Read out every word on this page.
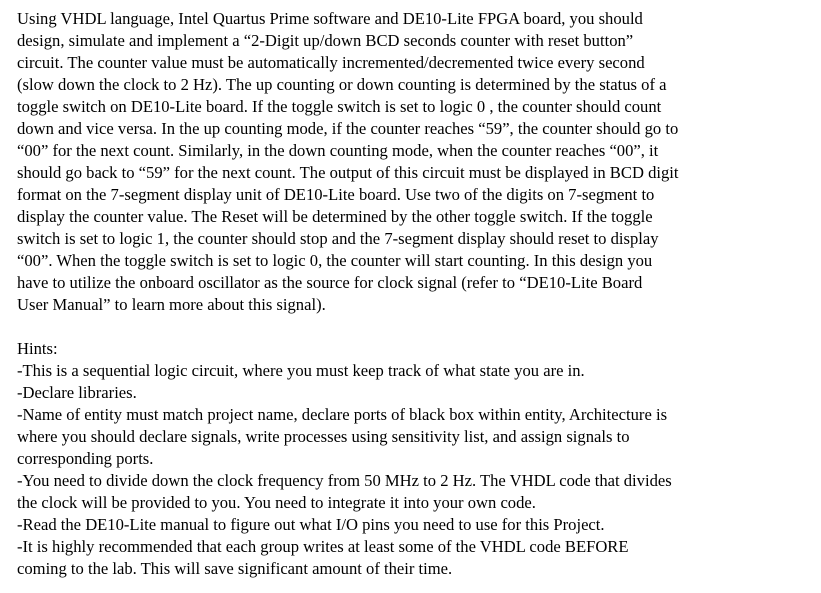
Using VHDL language, Intel Quartus Prime software and DE10-Lite FPGA board, you should
design, simulate and implement a “2-Digit up/down BCD seconds counter with reset button”
circuit. The counter value must be automatically incremented/decremented twice every second
(slow down the clock to 2 Hz). The up counting or down counting is determined by the status of a
toggle switch on DE10-Lite board. If the toggle switch is set to logic 0 , the counter should count
down and vice versa. In the up counting mode, if the counter reaches “59”, the counter should go to
“00” for the next count. Similarly, in the down counting mode, when the counter reaches “00”, it
should go back to “59” for the next count. The output of this circuit must be displayed in BCD digit
format on the 7-segment display unit of DE10-Lite board. Use two of the digits on 7-segment to
display the counter value. The Reset will be determined by the other toggle switch. If the toggle
switch is set to logic 1, the counter should stop and the 7-segment display should reset to display
“00”. When the toggle switch is set to logic 0, the counter will start counting. In this design you
have to utilize the onboard oscillator as the source for clock signal (refer to “DE10-Lite Board
User Manual” to learn more about this signal).

Hints:
-This is a sequential logic circuit, where you must keep track of what state you are in.
-Declare libraries.
-Name of entity must match project name, declare ports of black box within entity, Architecture is
where you should declare signals, write processes using sensitivity list, and assign signals to
corresponding ports.
-You need to divide down the clock frequency from 50 MHz to 2 Hz. The VHDL code that divides
the clock will be provided to you. You need to integrate it into your own code.
-Read the DE10-Lite manual to figure out what I/O pins you need to use for this Project.
-It is highly recommended that each group writes at least some of the VHDL code BEFORE
coming to the lab. This will save significant amount of their time.
